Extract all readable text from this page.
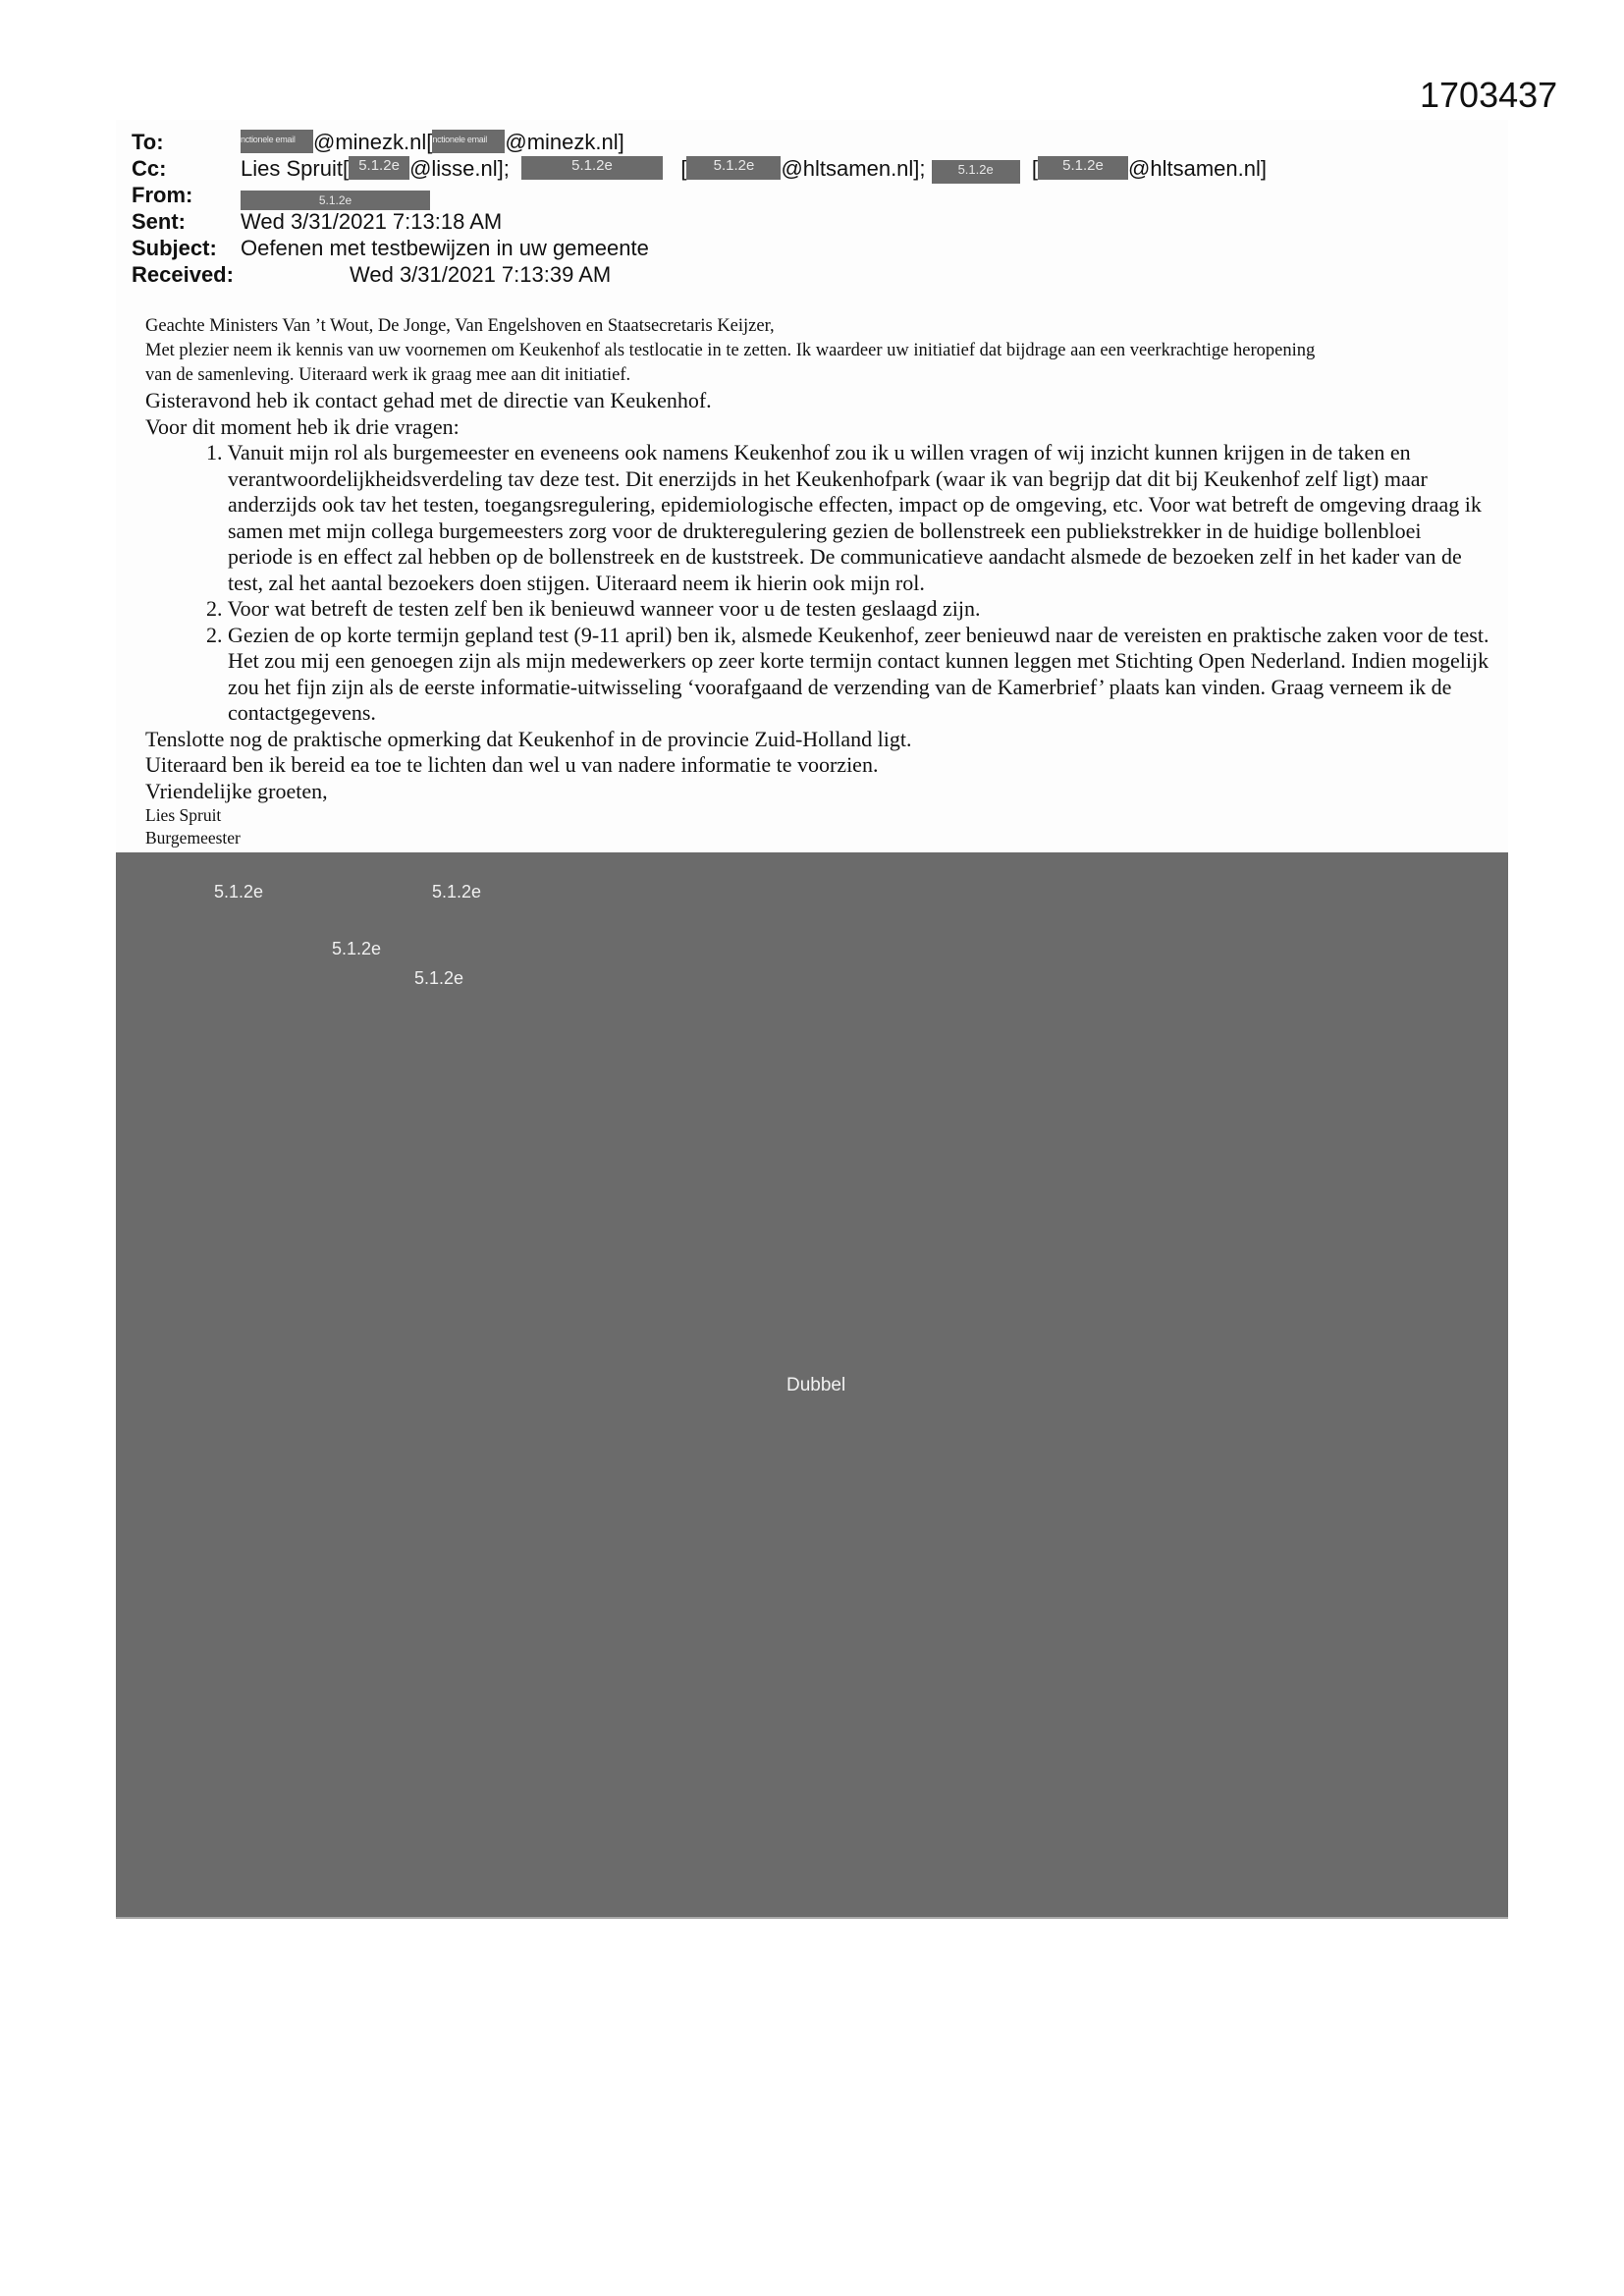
1703437
To:	nctionele email @minezk.nl[nctionele email @minezk.nl]
Cc:	Lies Spruit[ 5.1.2e @lisse.nl];	5.1.2e	[ 5.1.2e @hltsamen.nl];	5.1.2e [ 5.1.2e @hltsamen.nl]
From:	5.1.2e
Sent:	Wed 3/31/2021 7:13:18 AM
Subject: Oefenen met testbewijzen in uw gemeente
Received:	Wed 3/31/2021 7:13:39 AM
Geachte Ministers Van ’t Wout, De Jonge, Van Engelshoven en Staatsecretaris Keijzer,
Met plezier neem ik kennis van uw voornemen om Keukenhof als testlocatie in te zetten. Ik waardeer uw initiatief dat bijdrage aan een veerkrachtige heropening
van de samenleving. Uiteraard werk ik graag mee aan dit initiatief.
Gisteravond heb ik contact gehad met de directie van Keukenhof.
Voor dit moment heb ik drie vragen:
1. Vanuit mijn rol als burgemeester en eveneens ook namens Keukenhof zou ik u willen vragen of wij inzicht kunnen krijgen in de taken en verantwoordelijkheidsverdeling tav deze test. Dit enerzijds in het Keukenhofpark (waar ik van begrijp dat dit bij Keukenhof zelf ligt) maar anderzijds ook tav het testen, toegangsregulering, epidemiologische effecten, impact op de omgeving, etc. Voor wat betreft de omgeving draag ik samen met mijn collega burgemeesters zorg voor de drukteregulering gezien de bollenstreek een publiekstrekker in de huidige bollenbloei periode is en effect zal hebben op de bollenstreek en de kuststreek. De communicatieve aandacht alsmede de bezoeken zelf in het kader van de test, zal het aantal bezoekers doen stijgen. Uiteraard neem ik hierin ook mijn rol.
2. Voor wat betreft de testen zelf ben ik benieuwd wanneer voor u de testen geslaagd zijn.
2. Gezien de op korte termijn gepland test (9-11 april) ben ik, alsmede Keukenhof, zeer benieuwd naar de vereisten en praktische zaken voor de test. Het zou mij een genoegen zijn als mijn medewerkers op zeer korte termijn contact kunnen leggen met Stichting Open Nederland. Indien mogelijk zou het fijn zijn als de eerste informatie-uitwisseling ‘voorafgaand de verzending van de Kamerbrief’ plaats kan vinden. Graag verneem ik de contactgegevens.
Tenslotte nog de praktische opmerking dat Keukenhof in de provincie Zuid-Holland ligt.
Uiteraard ben ik bereid ea toe te lichten dan wel u van nadere informatie te voorzien.
Vriendelijke groeten,
Lies Spruit
Burgemeester
5.1.2e	5.1.2e
5.1.2e
5.1.2e
Dubbel
